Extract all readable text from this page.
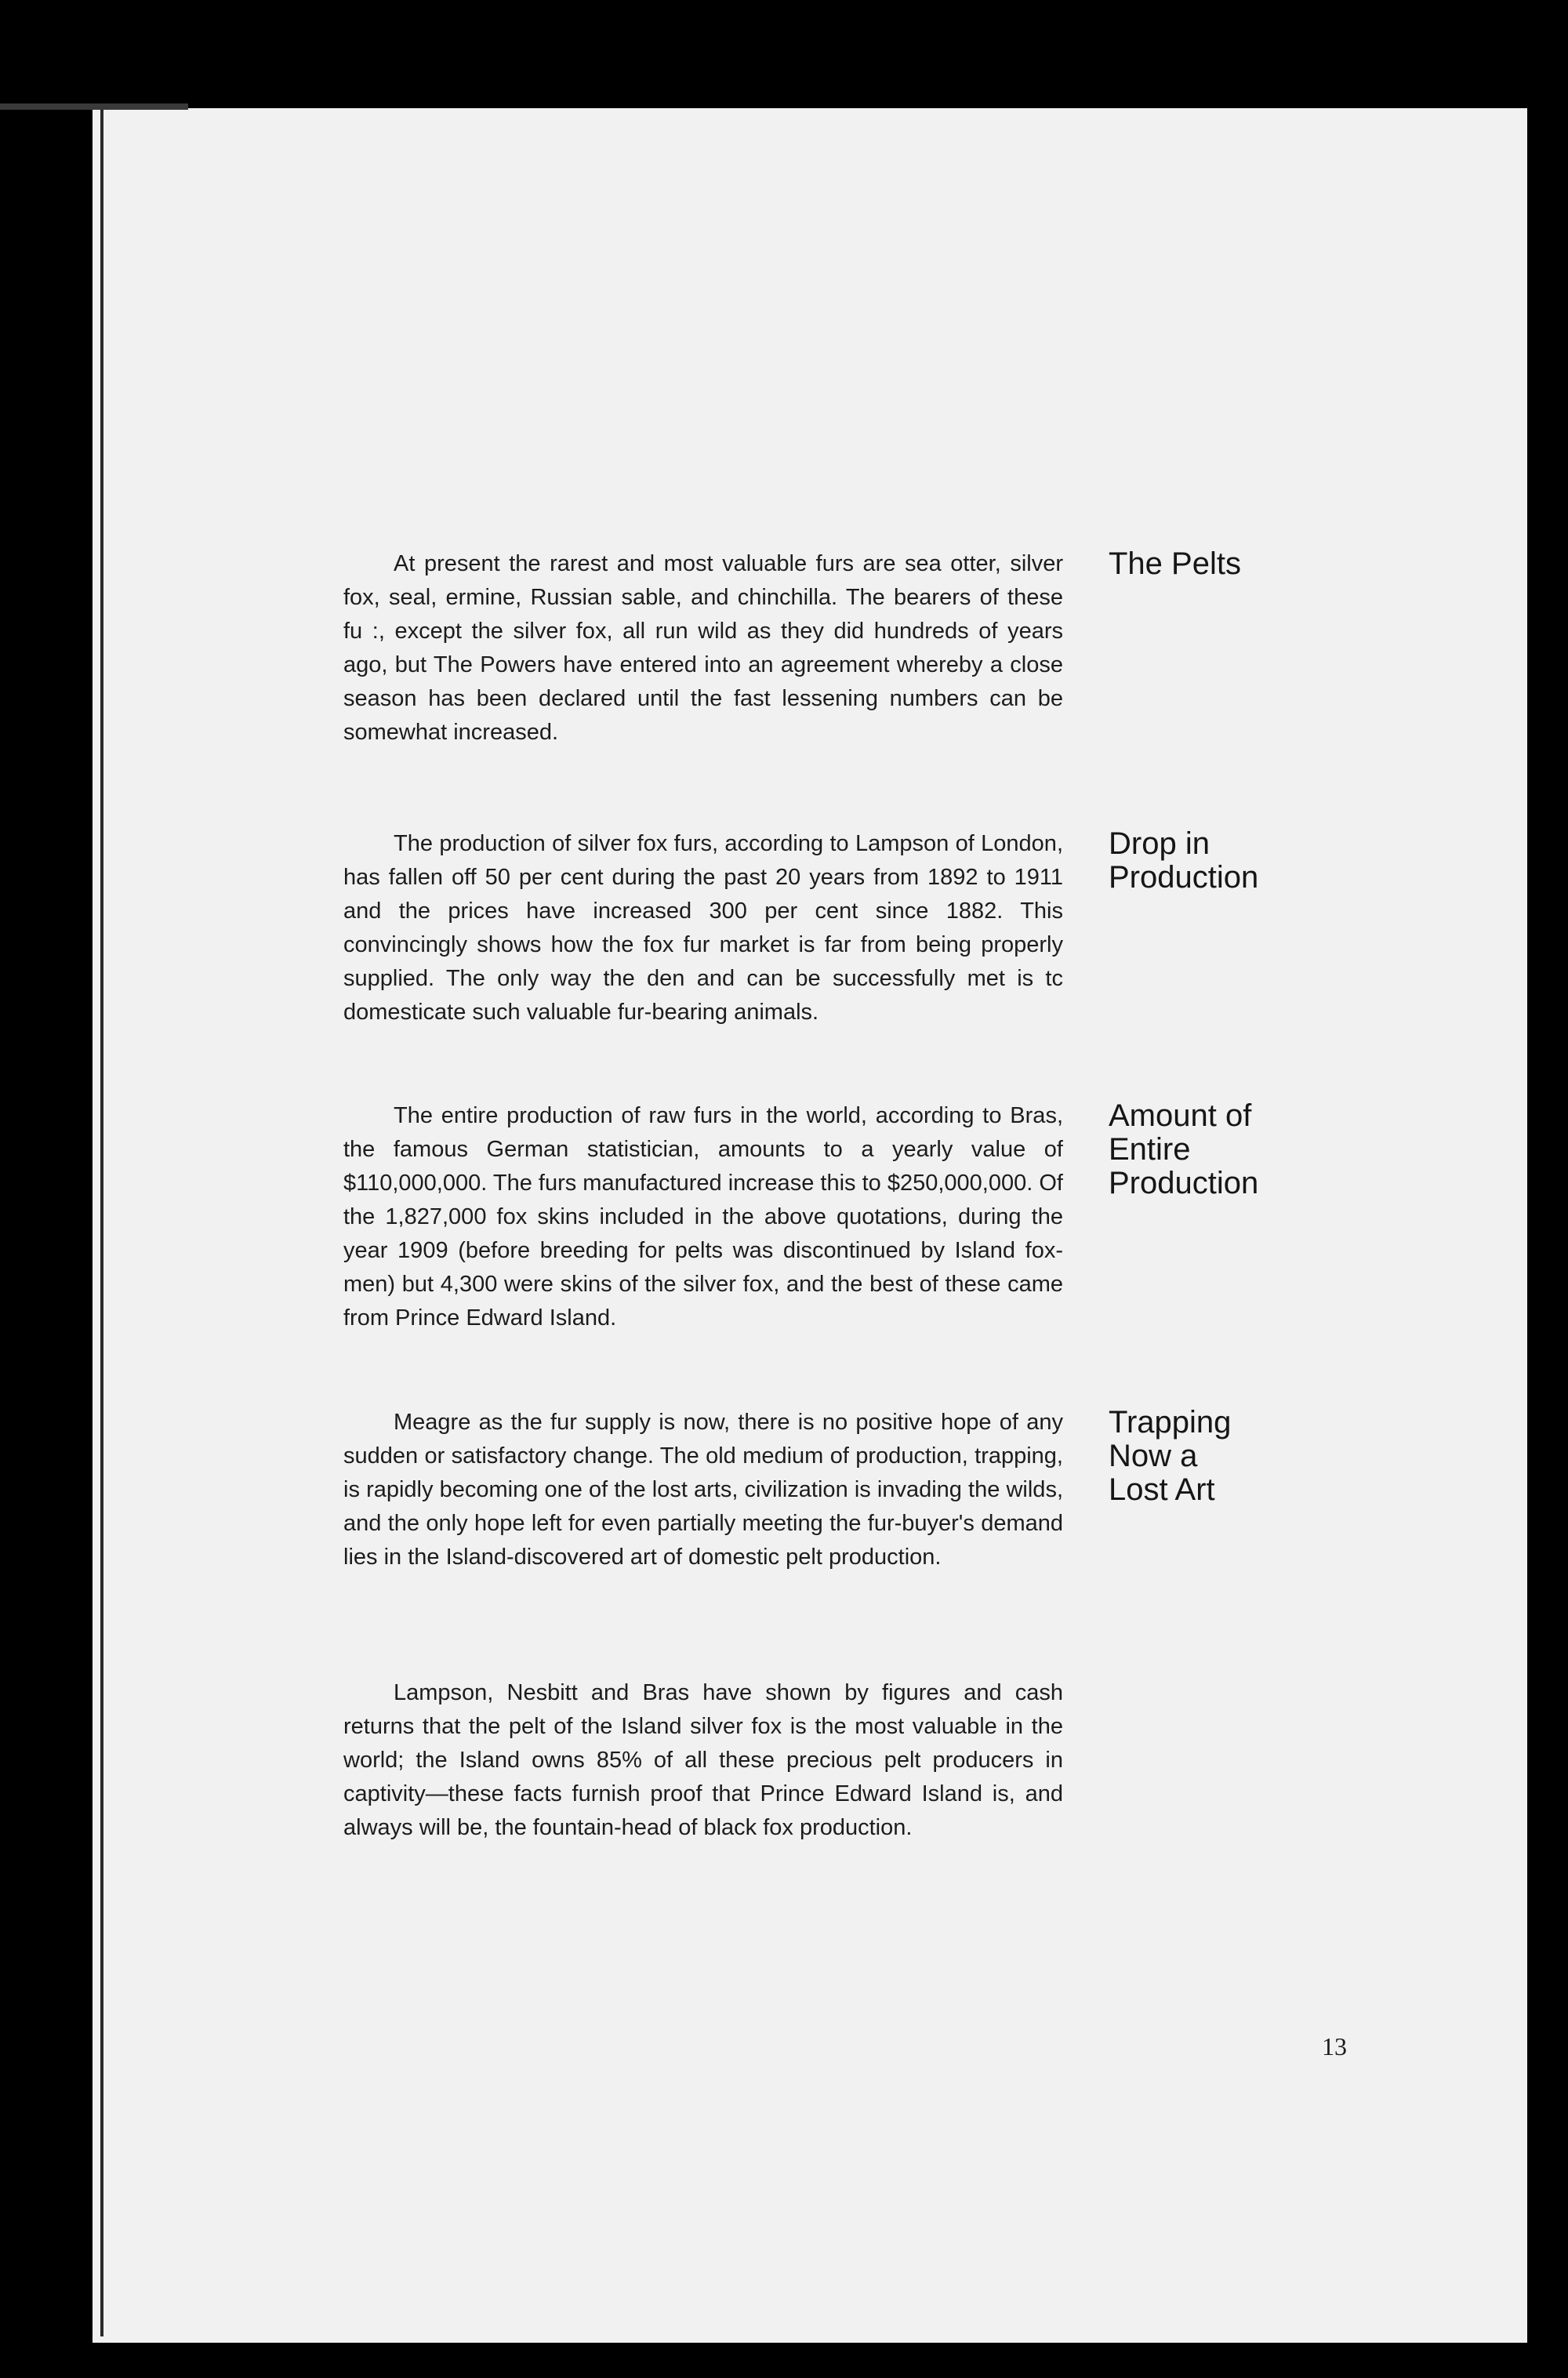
At present the rarest and most valuable furs are sea otter, silver fox, seal, ermine, Russian sable, and chinchilla. The bearers of these fu :, except the silver fox, all run wild as they did hundreds of years ago, but The Powers have entered into an agreement whereby a close season has been declared until the fast lessening numbers can be somewhat increased.

The Pelts

The production of silver fox furs, according to Lampson of London, has fallen off 50 per cent during the past 20 years from 1892 to 1911 and the prices have increased 300 per cent since 1882. This convincingly shows how the fox fur market is far from being properly supplied. The only way the den and can be successfully met is tc domesticate such valuable fur-bearing animals.

Drop in
Production

The entire production of raw furs in the world, according to Bras, the famous German statistician, amounts to a yearly value of $110,000,000. The furs manufactured increase this to $250,000,000. Of the 1,827,000 fox skins included in the above quotations, during the year 1909 (before breeding for pelts was discontinued by Island fox-men) but 4,300 were skins of the silver fox, and the best of these came from Prince Edward Island.

Amount of
Entire
Production

Meagre as the fur supply is now, there is no positive hope of any sudden or satisfactory change. The old medium of production, trapping, is rapidly becoming one of the lost arts, civilization is invading the wilds, and the only hope left for even partially meeting the fur-buyer's demand lies in the Island-discovered art of domestic pelt production.

Trapping
Now a
Lost Art

Lampson, Nesbitt and Bras have shown by figures and cash returns that the pelt of the Island silver fox is the most valuable in the world; the Island owns 85% of all these precious pelt producers in captivity—these facts furnish proof that Prince Edward Island is, and always will be, the fountain-head of black fox production.

13
